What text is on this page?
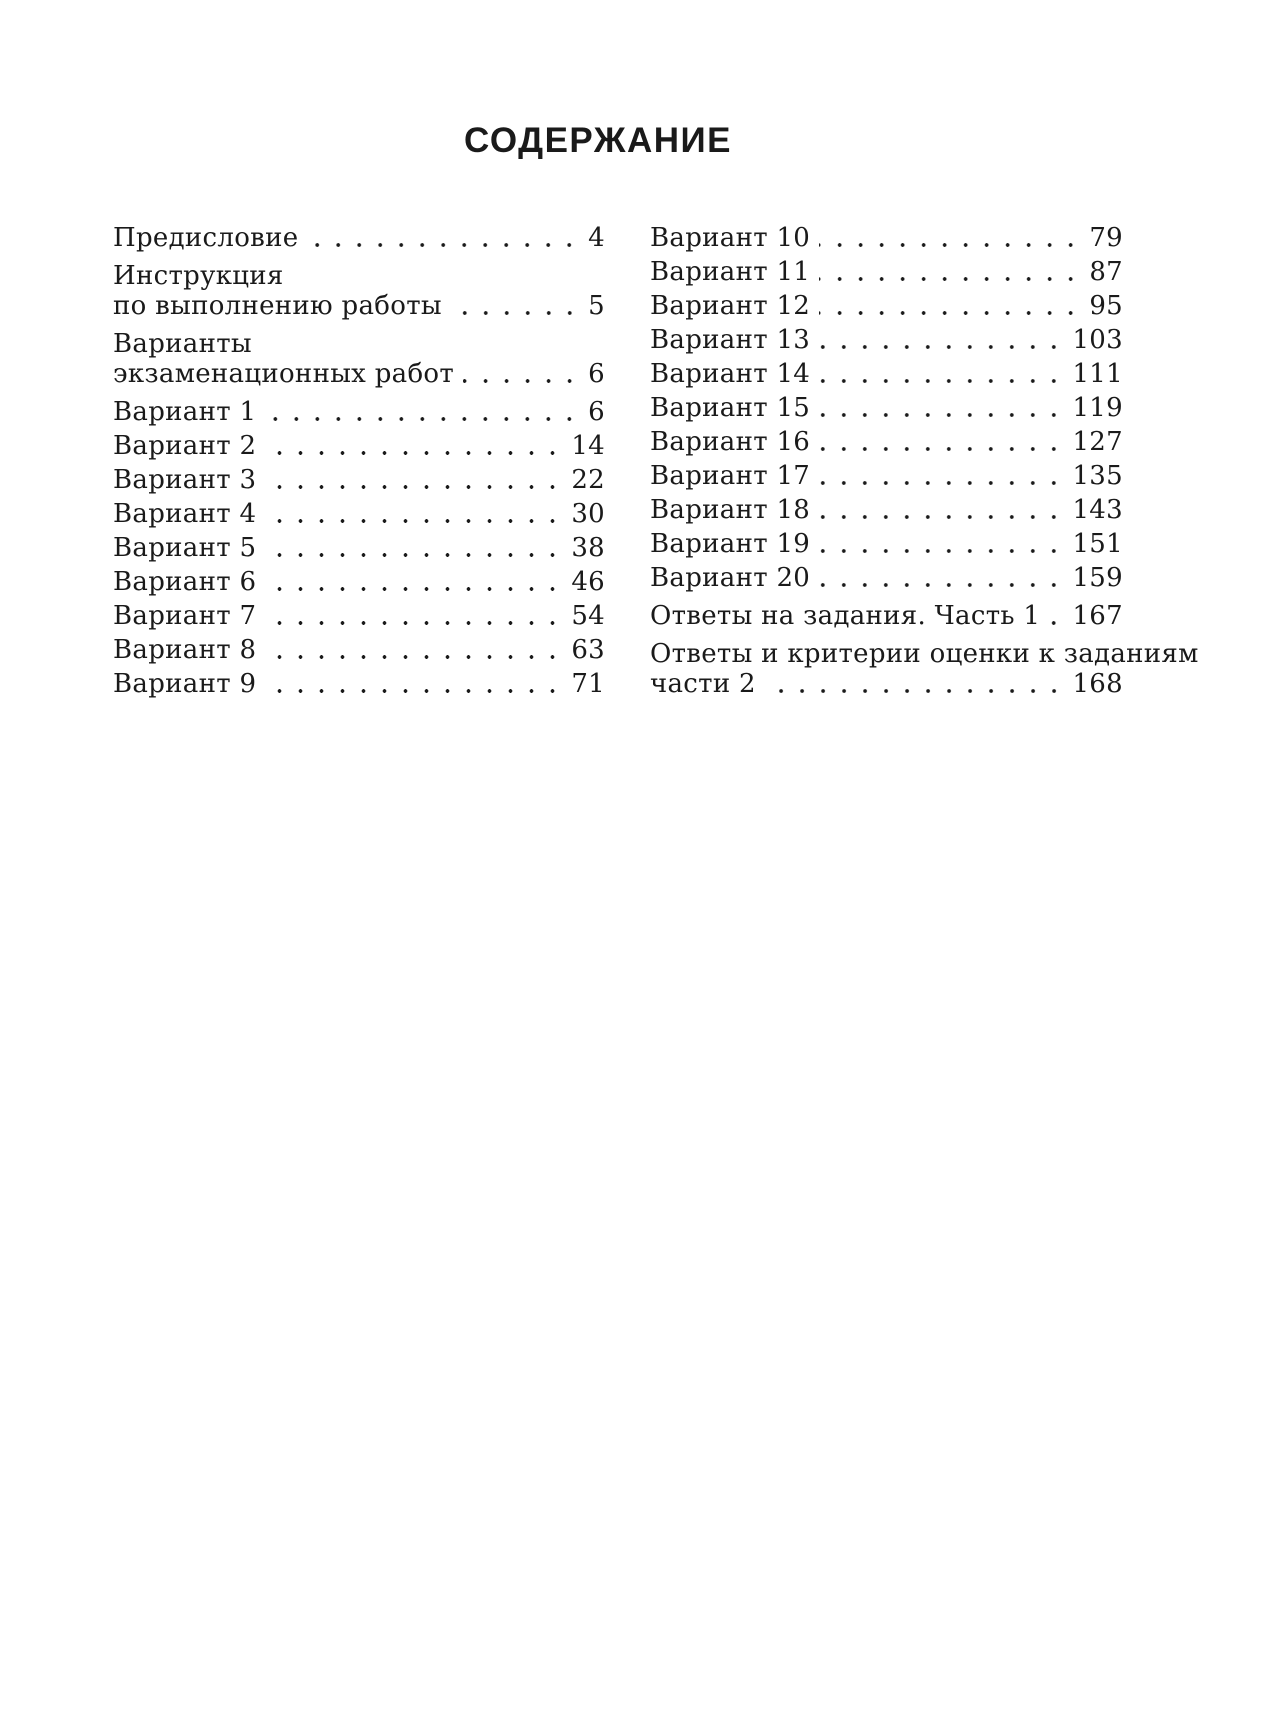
СОДЕРЖАНИЕ
Предисловие	4
Инструкция
по выполнению работы	5
Варианты
экзаменационных работ	6
Вариант 1	6
Вариант 2	14
Вариант 3	22
Вариант 4	30
Вариант 5	38
Вариант 6	46
Вариант 7	54
Вариант 8	63
Вариант 9	71
Вариант 10	79
Вариант 11	87
Вариант 12	95
Вариант 13	103
Вариант 14	111
Вариант 15	119
Вариант 16	127
Вариант 17	135
Вариант 18	143
Вариант 19	151
Вариант 20	159
Ответы на задания. Часть 1	167
Ответы и критерии оценки к заданиям
части 2	168
